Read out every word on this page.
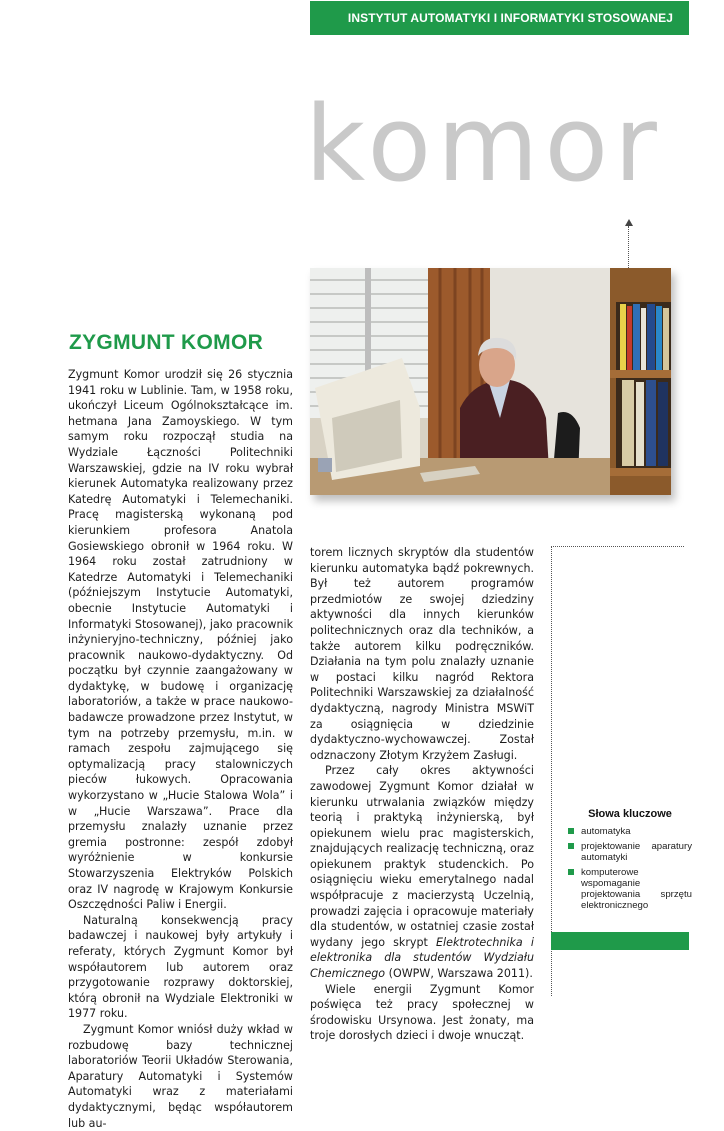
INSTYTUT AUTOMATYKI I INFORMATYKI STOSOWANEJ
komor
ZYGMUNT KOMOR

Zygmunt Komor urodził się 26 stycznia 1941 roku w Lublinie. Tam, w 1958 roku, ukończył Liceum Ogólnokształcące im. hetmana Jana Zamoyskiego. W tym samym roku rozpoczął studia na Wydziale Łączności Politechniki Warszawskiej, gdzie na IV roku wybrał kierunek Automatyka realizowany przez Katedrę Automatyki i Telemechaniki. Pracę magisterską wykonaną pod kierunkiem profesora Anatola Gosiewskiego obronił w 1964 roku. W 1964 roku został zatrudniony w Katedrze Automatyki i Telemechaniki (późniejszym Instytucie Automatyki, obecnie Instytucie Automatyki i Informatyki Stosowanej), jako pracownik inżynieryjno-techniczny, później jako pracownik naukowo-dydaktyczny. Od początku był czynnie zaangażowany w dydaktykę, w budowę i organizację laboratoriów, a także w prace naukowo-badawcze prowadzone przez Instytut, w tym na potrzeby przemysłu, m.in. w ramach zespołu zajmującego się optymalizacją pracy stalowniczych pieców łukowych. Opracowania wykorzystano w „Hucie Stalowa Wola” i w „Hucie Warszawa”. Prace dla przemysłu znalazły uznanie przez gremia postronne: zespół zdobył wyróżnienie w konkursie Stowarzyszenia Elektryków Polskich oraz IV nagrodę w Krajowym Konkursie Oszczędności Paliw i Energii.

Naturalną konsekwencją pracy badawczej i naukowej były artykuły i referaty, których Zygmunt Komor był współautorem lub autorem oraz przygotowanie rozprawy doktorskiej, którą obronił na Wydziale Elektroniki w 1977 roku.

Zygmunt Komor wniósł duży wkład w rozbudowę bazy technicznej laboratoriów Teorii Układów Sterowania, Aparatury Automatyki i Systemów Automatyki wraz z materiałami dydaktycznymi, będąc współautorem lub au-

torem licznych skryptów dla studentów kierunku automatyka bądź pokrewnych. Był też autorem programów przedmiotów ze swojej dziedziny aktywności dla innych kierunków politechnicznych oraz dla techników, a także autorem kilku podręczników. Działania na tym polu znalazły uznanie w postaci kilku nagród Rektora Politechniki Warszawskiej za działalność dydaktyczną, nagrody Ministra MSWiT za osiągnięcia w dziedzinie dydaktyczno-wychowawczej. Został odznaczony Złotym Krzyżem Zasługi.

Przez cały okres aktywności zawodowej Zygmunt Komor działał w kierunku utrwalania związków między teorią i praktyką inżynierską, był opiekunem wielu prac magisterskich, znajdujących realizację techniczną, oraz opiekunem praktyk studenckich. Po osiągnięciu wieku emerytalnego nadal współpracuje z macierzystą Uczelnią, prowadzi zajęcia i opracowuje materiały dla studentów, w ostatniej czasie został wydany jego skrypt Elektrotechnika i elektronika dla studentów Wydziału Chemicznego (OWPW, Warszawa 2011).

Wiele energii Zygmunt Komor poświęca też pracy społecznej w środowisku Ursynowa. Jest żonaty, ma troje dorosłych dzieci i dwoje wnucząt.

Słowa kluczowe
automatyka
projektowanie aparatury automatyki
komputerowe wspomaganie projektowania sprzętu elektronicznego
